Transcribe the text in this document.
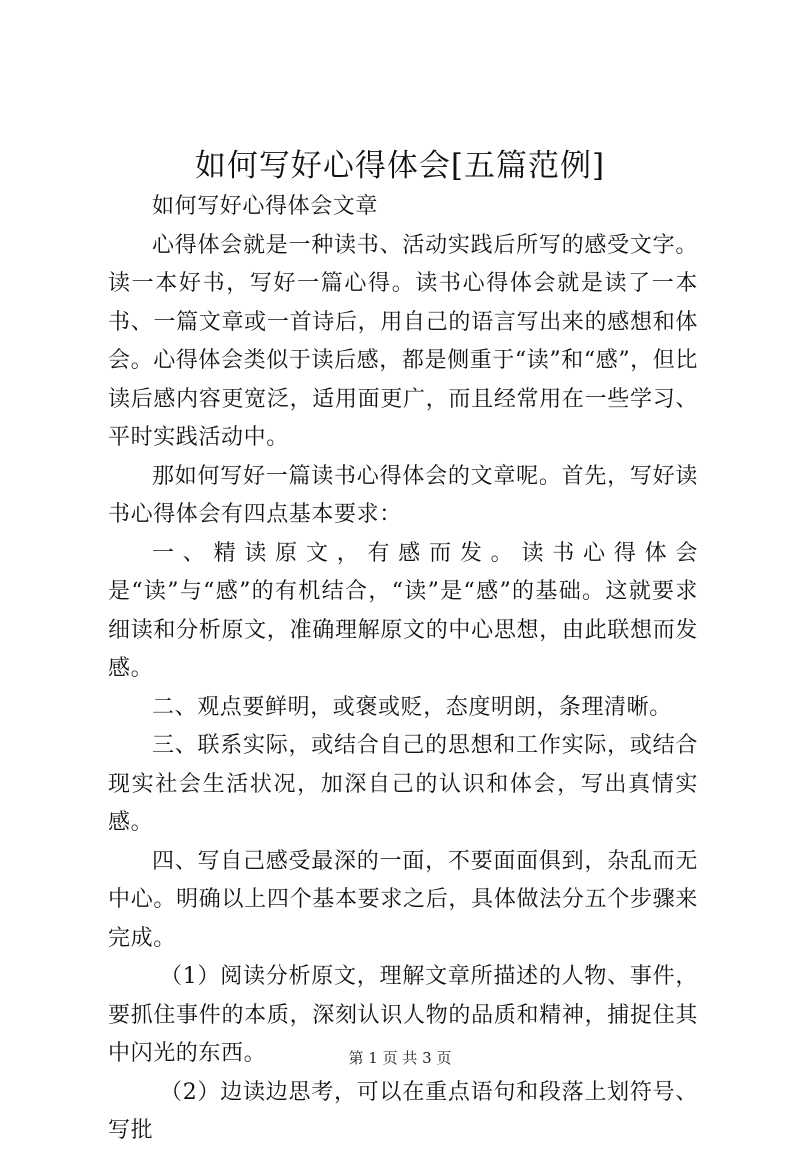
如何写好心得体会[五篇范例]

如何写好心得体会文章

心得体会就是一种读书、活动实践后所写的感受文字。读一本好书，写好一篇心得。读书心得体会就是读了一本书、一篇文章或一首诗后，用自己的语言写出来的感想和体会。心得体会类似于读后感，都是侧重于“读”和“感”，但比读后感内容更宽泛，适用面更广，而且经常用在一些学习、平时实践活动中。

那如何写好一篇读书心得体会的文章呢。首先，写好读书心得体会有四点基本要求：

一、精读原文，有感而发。读书心得体会是“读”与“感”的有机结合，“读”是“感”的基础。这就要求细读和分析原文，准确理解原文的中心思想，由此联想而发感。

二、观点要鲜明，或褒或贬，态度明朗，条理清晰。

三、联系实际，或结合自己的思想和工作实际，或结合现实社会生活状况，加深自己的认识和体会，写出真情实感。

四、写自己感受最深的一面，不要面面俱到，杂乱而无中心。明确以上四个基本要求之后，具体做法分五个步骤来完成。

（1）阅读分析原文，理解文章所描述的人物、事件，要抓住事件的本质，深刻认识人物的品质和精神，捕捉住其中闪光的东西。

（2）边读边思考，可以在重点语句和段落上划符号、写批

第 1 页 共 3 页
